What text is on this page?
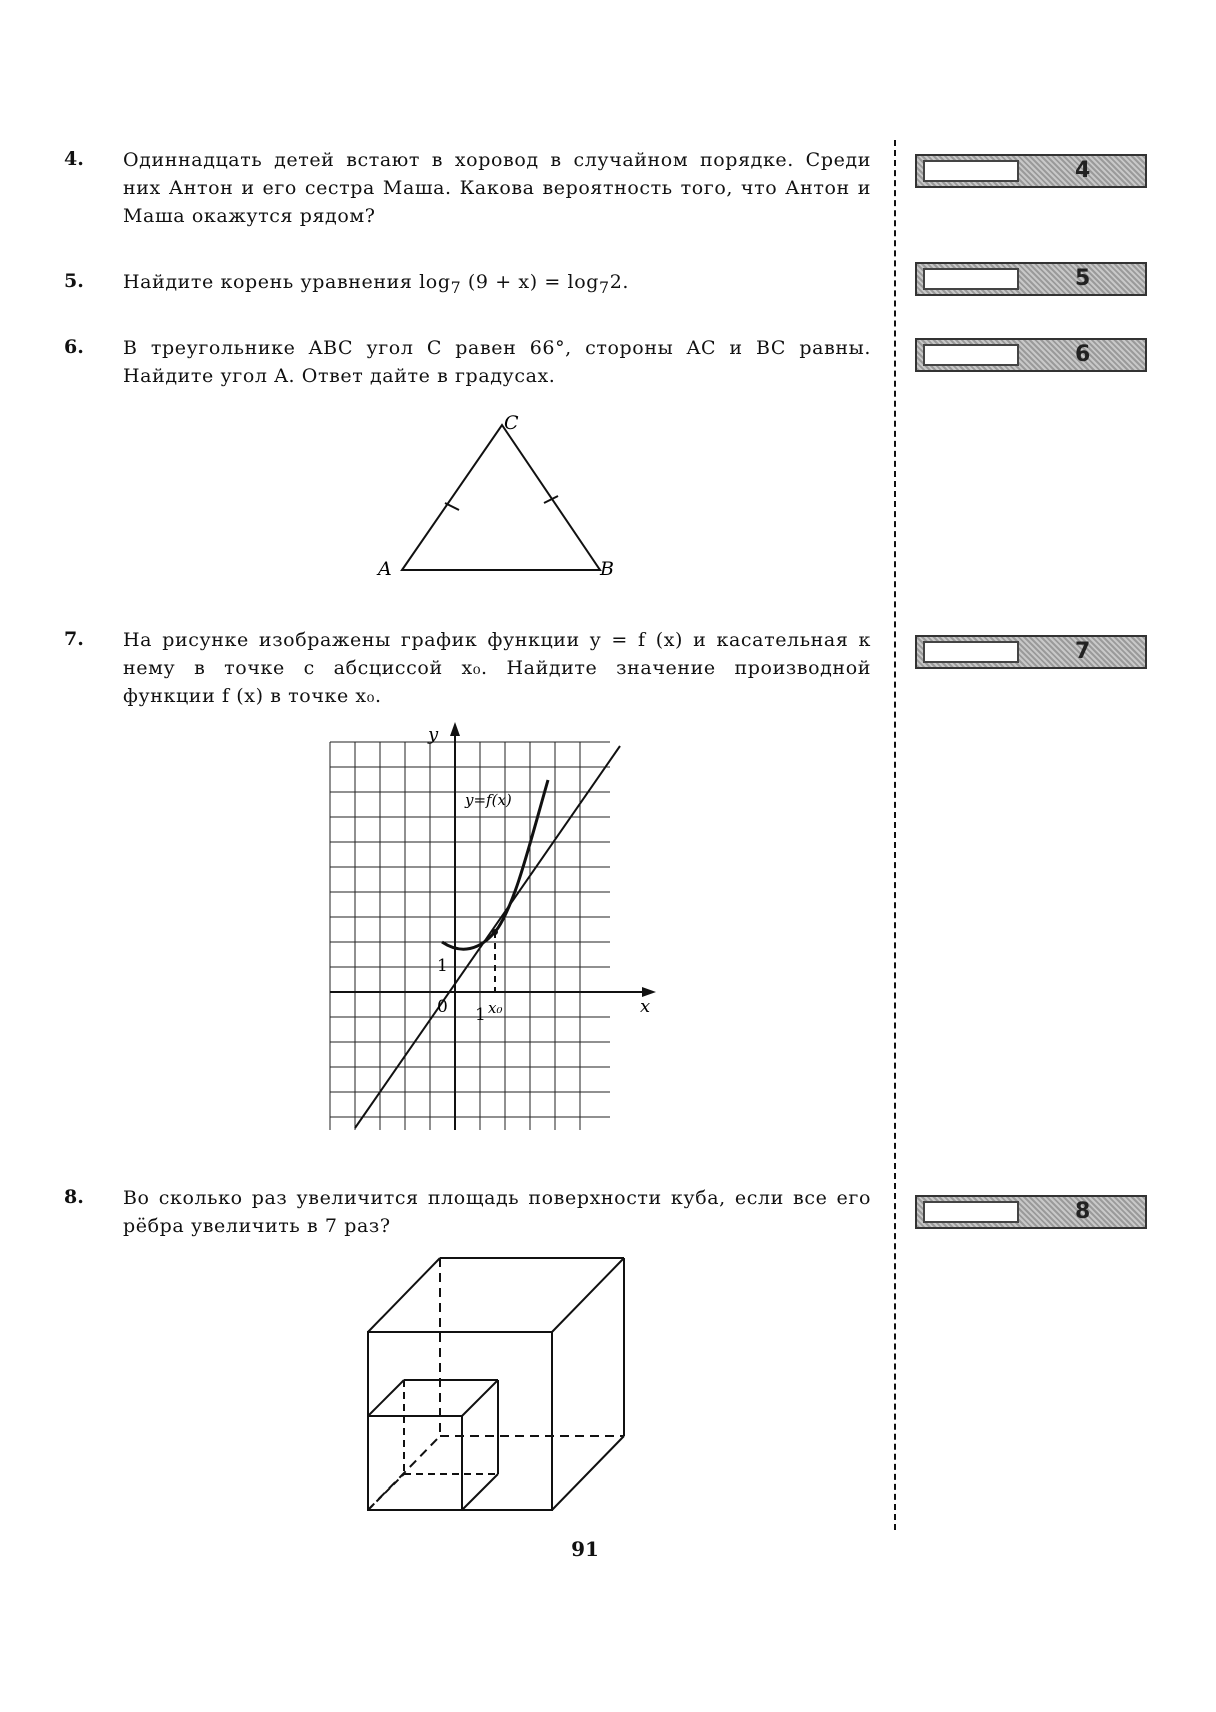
4. Одиннадцать детей встают в хоровод в случайном порядке. Среди них Антон и его сестра Маша. Какова вероятность того, что Антон и Маша окажутся рядом?
4
5. Найдите корень уравнения $\log_7 (9 + x) = \log_72$.	5
6. В треугольнике ABC угол C равен 66°, стороны AC и BC равны. Найдите угол A. Ответ дайте в градусах.
6
A	B
C
7. На рисунке изображены график функции y = f (x) и касательная к нему в точке с абсциссой x₀. Найдите значение производной функции f (x) в точке x₀.
7
y
x
y=f(x)
0 1
1
x₀
8. Во сколько раз увеличится площадь поверхности куба, если все его рёбра увеличить в 7 раз?
8
91
